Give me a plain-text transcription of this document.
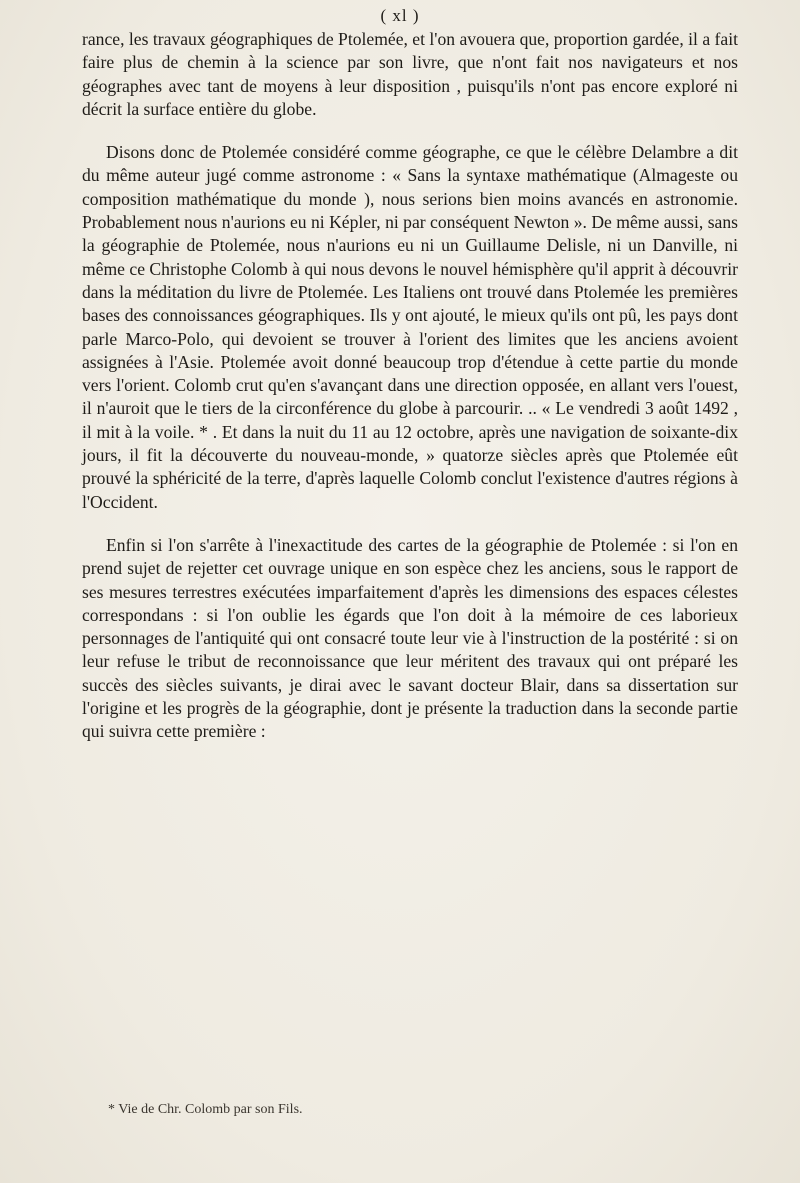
( xl )

rance, les travaux géographiques de Ptolemée, et l'on avouera que, proportion gardée, il a fait faire plus de chemin à la science par son livre, que n'ont fait nos navigateurs et nos géographes avec tant de moyens à leur disposition , puisqu'ils n'ont pas encore exploré ni décrit la surface entière du globe.

Disons donc de Ptolemée considéré comme géographe, ce que le célèbre Delambre a dit du même auteur jugé comme astronome : « Sans la syntaxe mathématique (Almageste ou composition mathématique du monde ), nous serions bien moins avancés en astronomie. Probablement nous n'aurions eu ni Képler, ni par conséquent Newton ». De même aussi, sans la géographie de Ptolemée, nous n'aurions eu ni un Guillaume Delisle, ni un Danville, ni même ce Christophe Colomb à qui nous devons le nouvel hémisphère qu'il apprit à découvrir dans la méditation du livre de Ptolemée. Les Italiens ont trouvé dans Ptolemée les premières bases des connoissances géographiques. Ils y ont ajouté, le mieux qu'ils ont pû, les pays dont parle Marco-Polo, qui devoient se trouver à l'orient des limites que les anciens avoient assignées à l'Asie. Ptolemée avoit donné beaucoup trop d'étendue à cette partie du monde vers l'orient. Colomb crut qu'en s'avançant dans une direction opposée, en allant vers l'ouest, il n'auroit que le tiers de la circonférence du globe à parcourir. .. « Le vendredi 3 août 1492 , il mit à la voile. * . Et dans la nuit du 11 au 12 octobre, après une navigation de soixante-dix jours, il fit la découverte du nouveau-monde, » quatorze siècles après que Ptolemée eût prouvé la sphéricité de la terre, d'après laquelle Colomb conclut l'existence d'autres régions à l'Occident.

Enfin si l'on s'arrête à l'inexactitude des cartes de la géographie de Ptolemée : si l'on en prend sujet de rejetter cet ouvrage unique en son espèce chez les anciens, sous le rapport de ses mesures terrestres exécutées imparfaitement d'après les dimensions des espaces célestes correspondans : si l'on oublie les égards que l'on doit à la mémoire de ces laborieux personnages de l'antiquité qui ont consacré toute leur vie à l'instruction de la postérité : si on leur refuse le tribut de reconnoissance que leur méritent des travaux qui ont préparé les succès des siècles suivants, je dirai avec le savant docteur Blair, dans sa dissertation sur l'origine et les progrès de la géographie, dont je présente la traduction dans la seconde partie qui suivra cette première :

* Vie de Chr. Colomb par son Fils.
